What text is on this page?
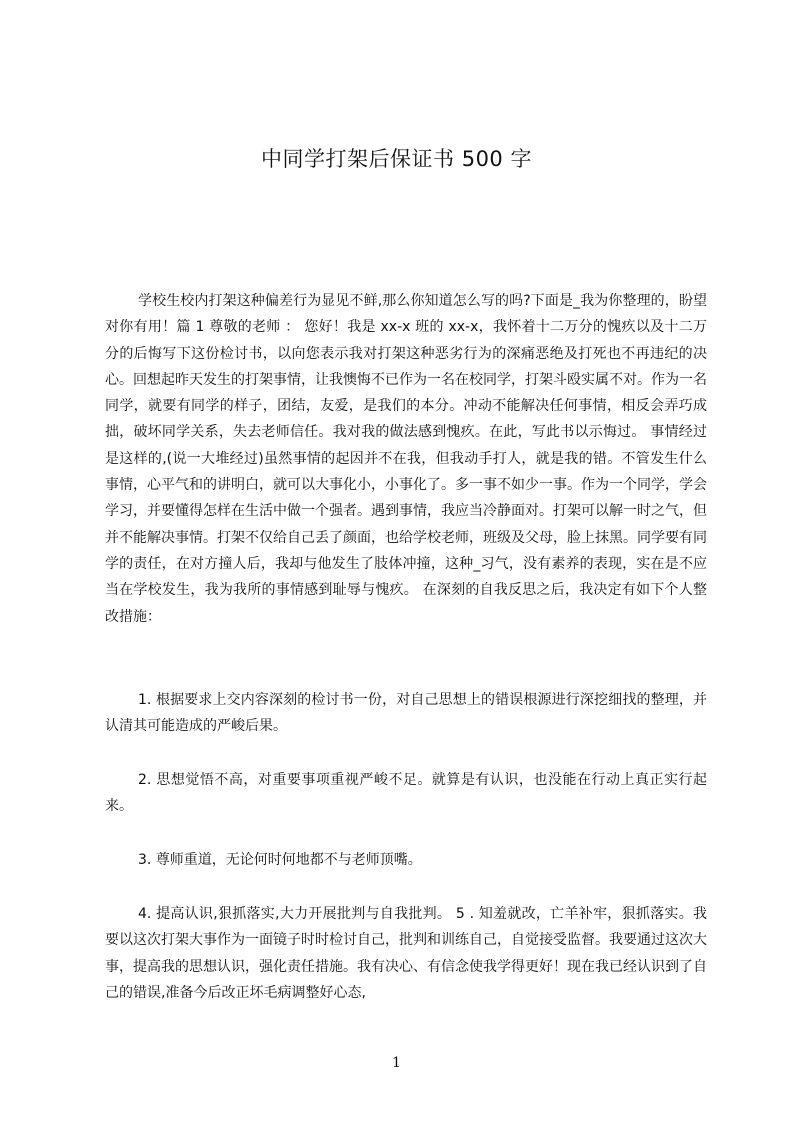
中同学打架后保证书 500 字

学校生校内打架这种偏差行为显见不鲜,那么你知道怎么写的吗?下面是_我为你整理的，盼望对你有用！篇 1 尊敬的老师 ： 您好！我是 xx-x 班的 xx-x，我怀着十二万分的愧疚以及十二万分的后悔写下这份检讨书，以向您表示我对打架这种恶劣行为的深痛恶绝及打死也不再违纪的决心。回想起昨天发生的打架事情，让我懊悔不已作为一名在校同学，打架斗殴实属不对。作为一名同学，就要有同学的样子，团结，友爱，是我们的本分。冲动不能解决任何事情，相反会弄巧成拙，破坏同学关系，失去老师信任。我对我的做法感到愧疚。在此，写此书以示悔过。 事情经过是这样的,(说一大堆经过)虽然事情的起因并不在我，但我动手打人，就是我的错。不管发生什么事情，心平气和的讲明白，就可以大事化小，小事化了。多一事不如少一事。作为一个同学，学会学习，并要懂得怎样在生活中做一个强者。遇到事情，我应当冷静面对。打架可以解一时之气，但并不能解决事情。打架不仅给自己丢了颜面，也给学校老师，班级及父母，脸上抹黑。同学要有同学的责任，在对方撞人后，我却与他发生了肢体冲撞，这种_习气，没有素养的表现，实在是不应当在学校发生，我为我所的事情感到耻辱与愧疚。 在深刻的自我反思之后，我决定有如下个人整改措施：

1. 根据要求上交内容深刻的检讨书一份，对自己思想上的错误根源进行深挖细找的整理，并认清其可能造成的严峻后果。

2. 思想觉悟不高，对重要事项重视严峻不足。就算是有认识，也没能在行动上真正实行起来。

3. 尊师重道，无论何时何地都不与老师顶嘴。

4. 提高认识,狠抓落实,大力开展批判与自我批判。 5 . 知羞就改，亡羊补牢，狠抓落实。我要以这次打架大事作为一面镜子时时检讨自己，批判和训练自己，自觉接受监督。我要通过这次大事，提高我的思想认识，强化责任措施。我有决心、有信念使我学得更好！现在我已经认识到了自己的错误,准备今后改正坏毛病调整好心态,

1
